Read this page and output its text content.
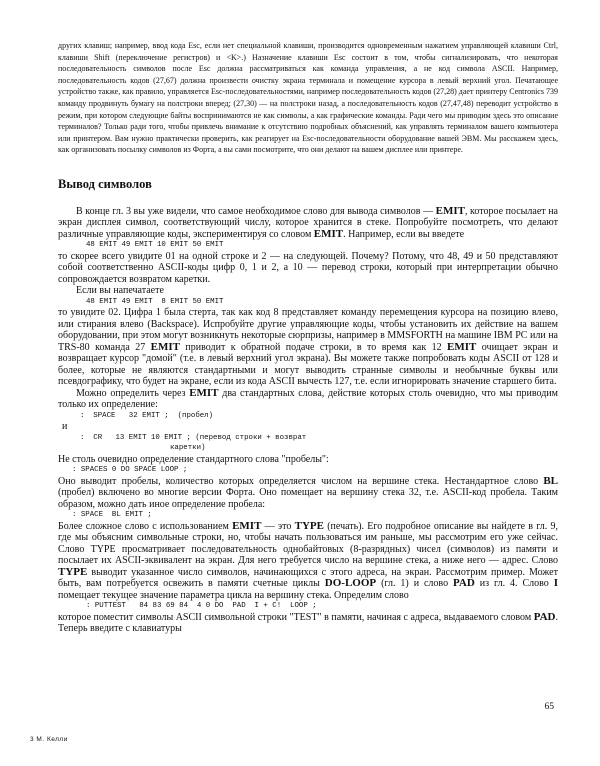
других клавиш; например, ввод кода Esc, если нет специальной клавиши, производится одновременным нажатием управляющей клавиши Ctrl, клавиши Shift (переключение регистров) и <K>.) Назначение клавиши Esc состоит в том, чтобы сигнализировать, что некоторая последовательность символов после Esc должна рассматриваться как команда управления, а не код символа ASCII. Например, последовательность кодов (27,67) должна произвести очистку экрана терминала и помещение курсора в левый верхний угол. Печатающее устройство также, как правило, управляется Esc-последовательностями, например последовательность кодов (27,28) дает принтеру Centronics 739 команду продвинуть бумагу на полстроки вперед; (27,30) — на полстроки назад, а последовательность кодов (27,47,48) переводит устройство в режим, при котором следующие байты воспринимаются не как символы, а как графические команды. Ради чего мы приводим здесь это описание терминалов? Только ради того, чтобы привлечь внимание к отсутствию подробных объяснений, как управлять терминалом вашего компьютера или принтером. Вам нужно практически проверить, как реагирует на Esc-последовательности оборудование вашей ЭВМ. Мы расскажем здесь, как организовать посылку символов из Форта, а вы сами посмотрите, что они делают на вашем дисплее или принтере.

Вывод символов

В конце гл. 3 вы уже видели, что самое необходимое слово для вывода символов — EMIT, которое посылает на экран дисплея символ, соответствующий числу, которое хранится в стеке. Попробуйте посмотреть, что делают различные управляющие коды, экспериментируя со словом EMIT. Например, если вы введете

48 EMIT 49 EMIT 10 EMIT 50 EMIT

то скорее всего увидите 01 на одной строке и 2 — на следующей. Почему? Потому, что 48, 49 и 50 представляют собой соответственно ASCII-коды цифр 0, 1 и 2, а 10 — перевод строки, который при интерпретации обычно сопровождается возвратом каретки.

Если вы напечатаете

48 EMIT 49 EMIT  8 EMIT 50 EMIT

то увидите 02. Цифра 1 была стерта, так как код 8 представляет команду перемещения курсора на позицию влево, или стирания влево (Backspace). Испробуйте другие управляющие коды, чтобы установить их действие на вашем оборудовании, при этом могут возникнуть некоторые сюрпризы, например в MMSFORTH на машине IBM PC или на TRS-80 команда 27 EMIT приводит к обратной подаче строки, в то время как 12 EMIT очищает экран и возвращает курсор "домой" (т.е. в левый верхний угол экрана). Вы можете также попробовать коды ASCII от 128 и более, которые не являются стандартными и могут выводить странные символы и необычные буквы или псевдографику, что будет на экране, если из кода ASCII вычесть 127, т.е. если игнорировать значение старшего бита.

Можно определить через EMIT два стандартных слова, действие которых столь очевидно, что мы приводим только их определение:

:  SPACE   32 EMIT ;  (пробел)
и
:  CR   13 EMIT 10 EMIT ; (перевод строки + возврат
каретки)

Не столь очевидно определение стандартного слова "пробелы":

: SPACES 0 DO SPACE LOOP ;

Оно выводит пробелы, количество которых определяется числом на вершине стека. Нестандартное слово BL (пробел) включено во многие версии Форта. Оно помещает на вершину стека 32, т.е. ASCII-код пробела. Таким образом, можно дать иное определение пробела:

: SPACE  BL EMIT ;

Более сложное слово с использованием EMIT — это TYPE (печать). Его подробное описание вы найдете в гл. 9, где мы объясним символьные строки, но, чтобы начать пользоваться им раньше, мы рассмотрим его уже сейчас. Слово TYPE просматривает последовательность однобайтовых (8-разрядных) чисел (символов) из памяти и посылает их ASCII-эквивалент на экран. Для него требуется число на вершине стека, а ниже него — адрес. Слово TYPE выводит указанное число символов, начинающихся с этого адреса, на экран. Рассмотрим пример. Может быть, вам потребуется освежить в памяти счетные циклы DO-LOOP (гл. 1) и слово PAD из гл. 4. Слово I помещает текущее значение параметра цикла на вершину стека. Определим слово

: PUTTEST   84 83 69 84  4 0 DO  PAD  I + C!  LOOP ;

которое поместит символы ASCII символьной строки "TEST" в памяти, начиная с адреса, выдаваемого словом PAD. Теперь введите с клавиатуры

65
3 М. Келли
